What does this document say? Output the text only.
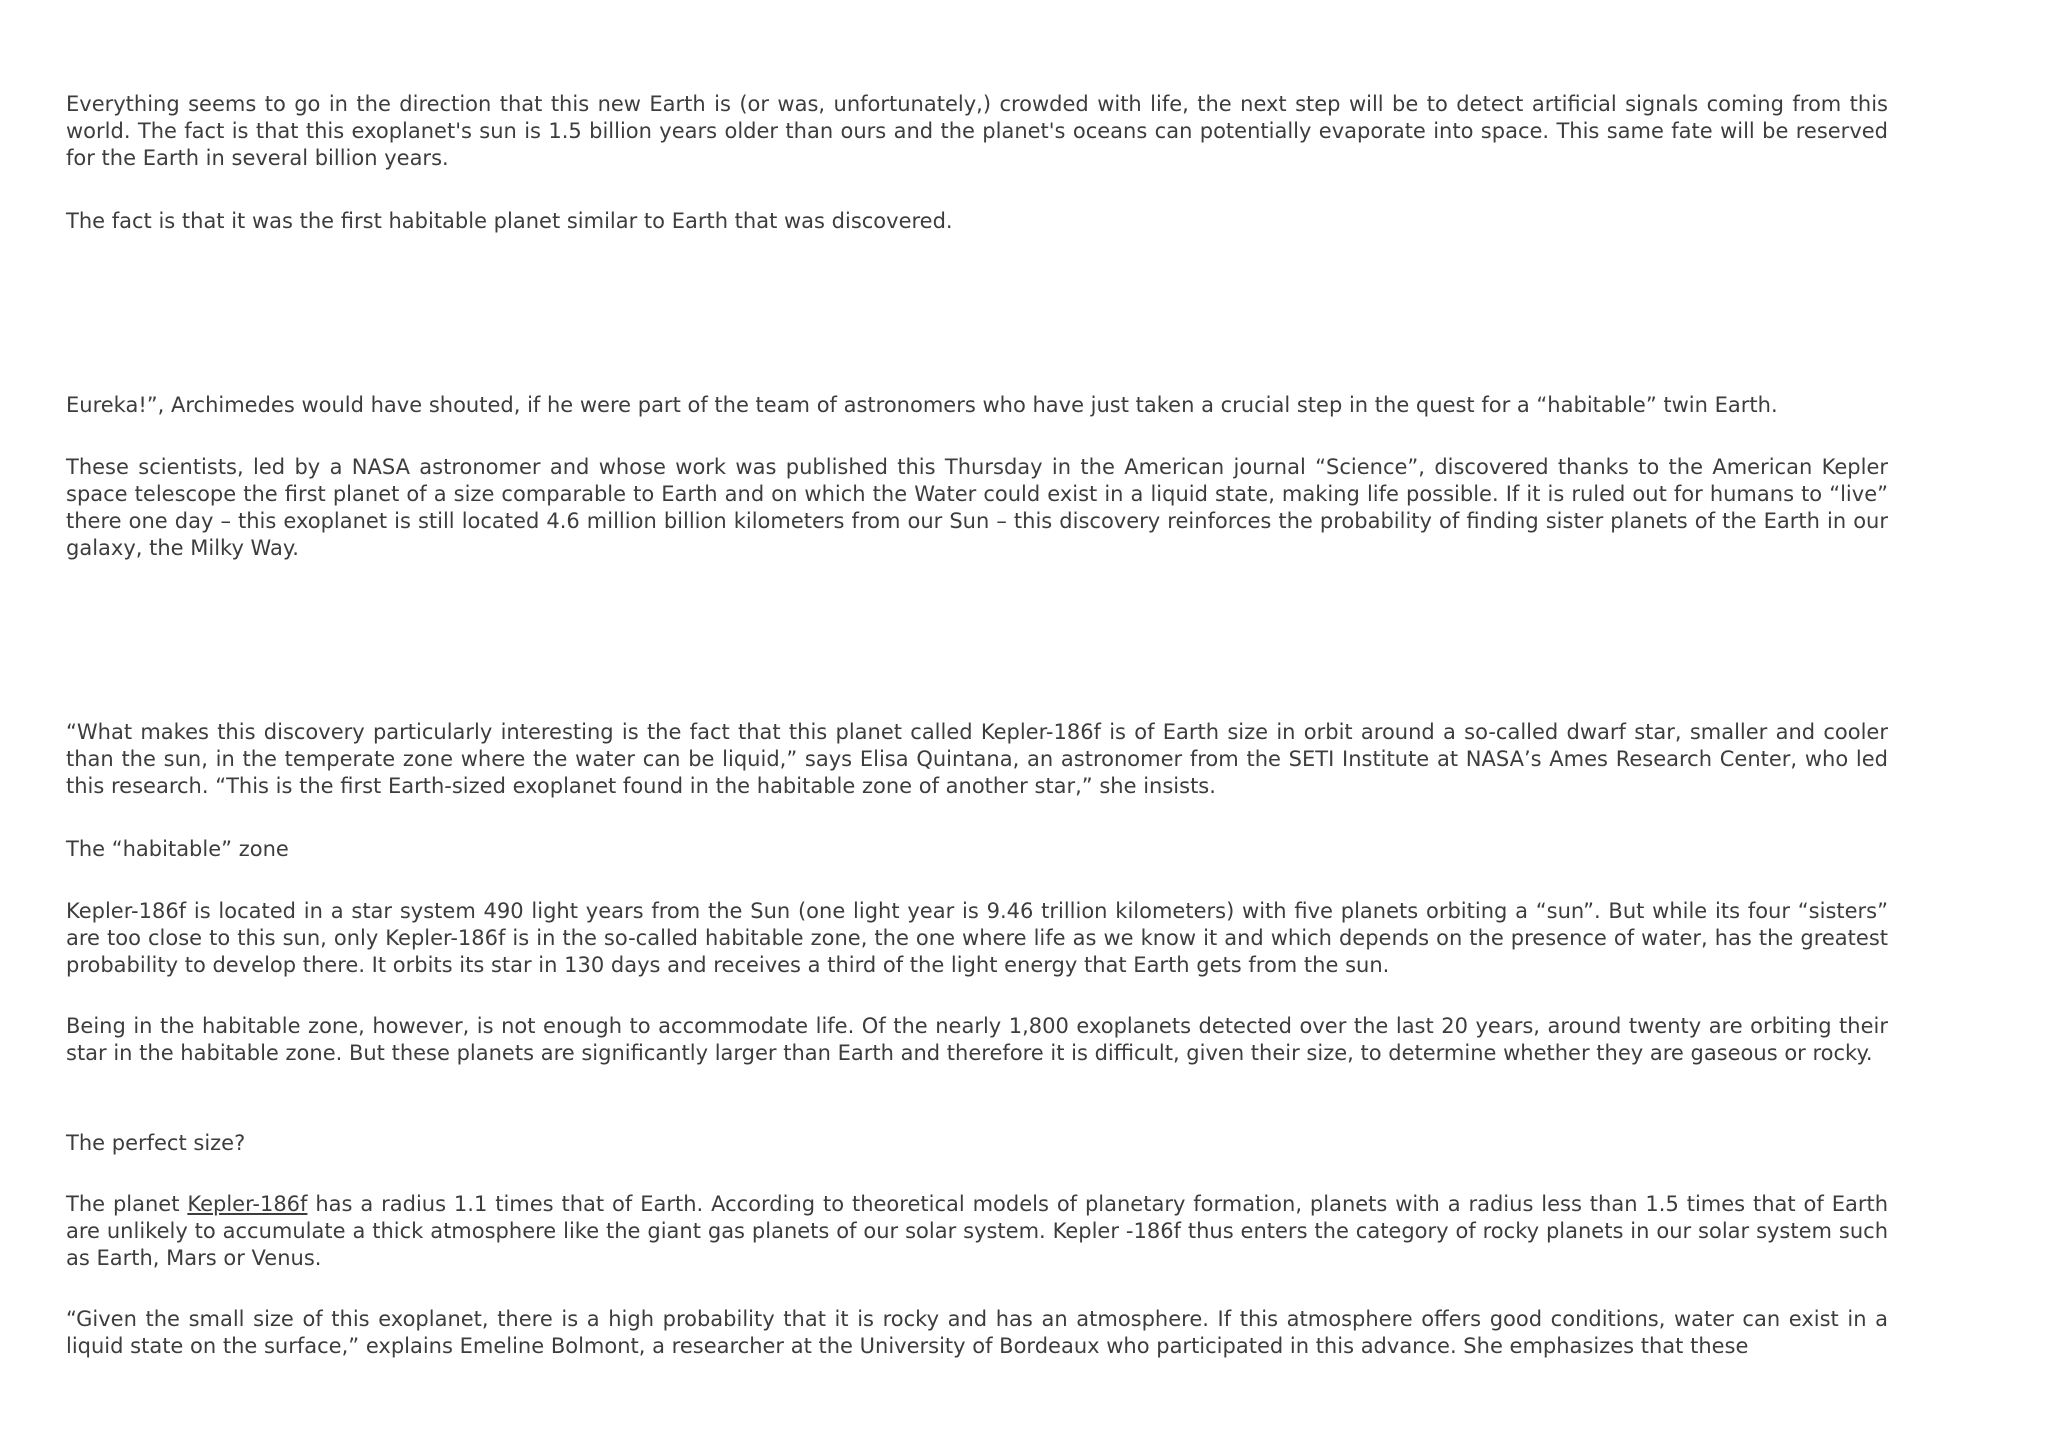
Everything seems to go in the direction that this new Earth is (or was, unfortunately,) crowded with life, the next step will be to detect artificial signals coming from this world. The fact is that this exoplanet's sun is 1.5 billion years older than ours and the planet's oceans can potentially evaporate into space. This same fate will be reserved for the Earth in several billion years.

The fact is that it was the first habitable planet similar to Earth that was discovered.

Eureka!”, Archimedes would have shouted, if he were part of the team of astronomers who have just taken a crucial step in the quest for a “habitable” twin Earth.

These scientists, led by a NASA astronomer and whose work was published this Thursday in the American journal “Science”, discovered thanks to the American Kepler space telescope the first planet of a size comparable to Earth and on which the Water could exist in a liquid state, making life possible. If it is ruled out for humans to “live” there one day – this exoplanet is still located 4.6 million billion kilometers from our Sun – this discovery reinforces the probability of finding sister planets of the Earth in our galaxy, the Milky Way.

“What makes this discovery particularly interesting is the fact that this planet called Kepler-186f is of Earth size in orbit around a so-called dwarf star, smaller and cooler than the sun, in the temperate zone where the water can be liquid,” says Elisa Quintana, an astronomer from the SETI Institute at NASA’s Ames Research Center, who led this research. “This is the first Earth-sized exoplanet found in the habitable zone of another star,” she insists.

The “habitable” zone

Kepler-186f is located in a star system 490 light years from the Sun (one light year is 9.46 trillion kilometers) with five planets orbiting a “sun”. But while its four “sisters” are too close to this sun, only Kepler-186f is in the so-called habitable zone, the one where life as we know it and which depends on the presence of water, has the greatest probability to develop there. It orbits its star in 130 days and receives a third of the light energy that Earth gets from the sun.

Being in the habitable zone, however, is not enough to accommodate life. Of the nearly 1,800 exoplanets detected over the last 20 years, around twenty are orbiting their star in the habitable zone. But these planets are significantly larger than Earth and therefore it is difficult, given their size, to determine whether they are gaseous or rocky.

The perfect size?

The planet Kepler-186f has a radius 1.1 times that of Earth. According to theoretical models of planetary formation, planets with a radius less than 1.5 times that of Earth are unlikely to accumulate a thick atmosphere like the giant gas planets of our solar system. Kepler -186f thus enters the category of rocky planets in our solar system such as Earth, Mars or Venus.

“Given the small size of this exoplanet, there is a high probability that it is rocky and has an atmosphere. If this atmosphere offers good conditions, water can exist in a liquid state on the surface,” explains Emeline Bolmont, a researcher at the University of Bordeaux who participated in this advance. She emphasizes that these
